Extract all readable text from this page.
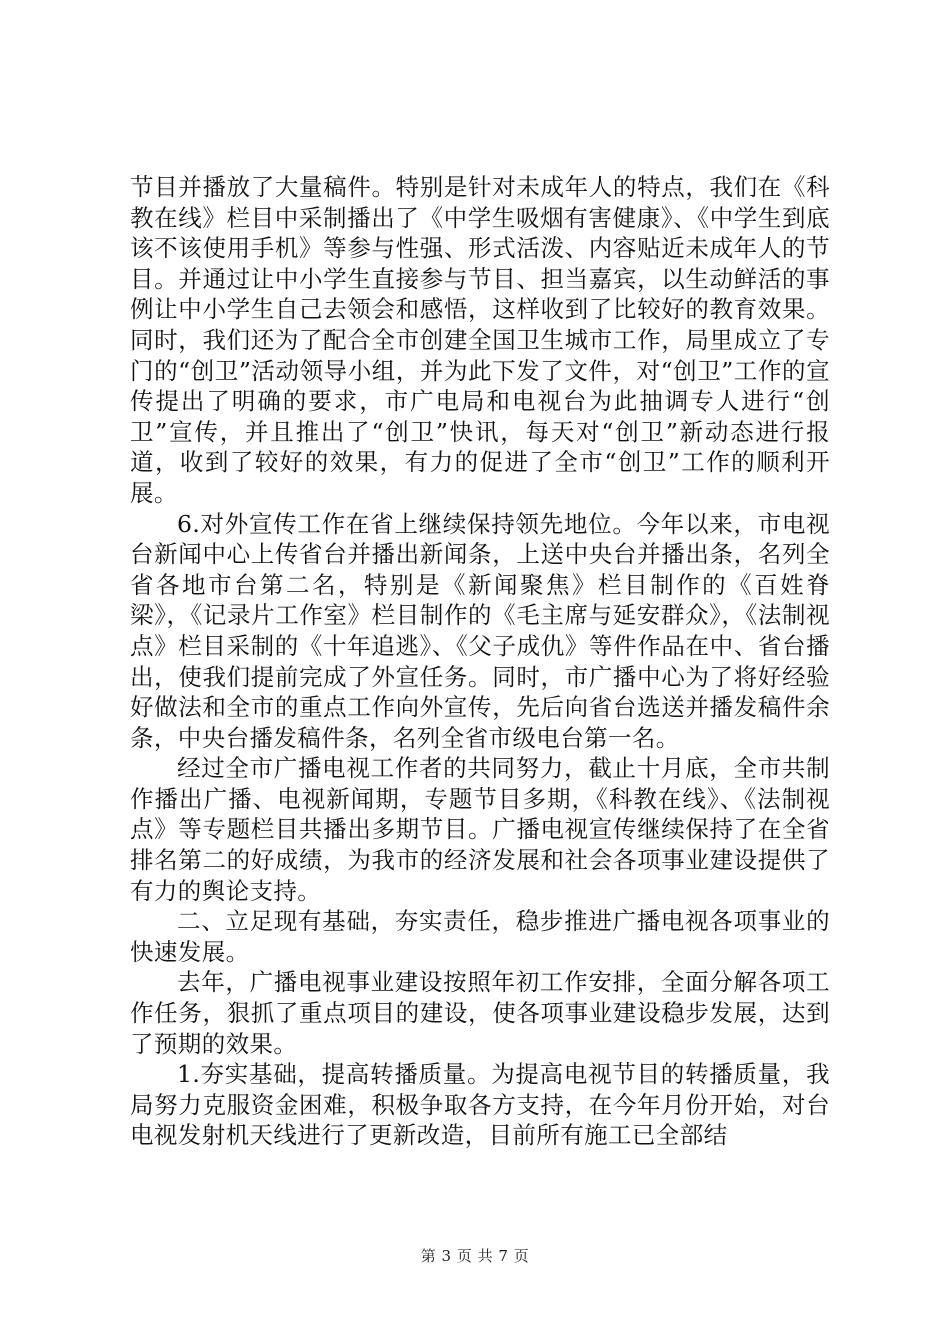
节目并播放了大量稿件。特别是针对未成年人的特点，我们在《科教在线》栏目中采制播出了《中学生吸烟有害健康》、《中学生到底该不该使用手机》等参与性强、形式活泼、内容贴近未成年人的节目。并通过让中小学生直接参与节目、担当嘉宾，以生动鲜活的事例让中小学生自己去领会和感悟，这样收到了比较好的教育效果。同时，我们还为了配合全市创建全国卫生城市工作，局里成立了专门的“创卫”活动领导小组，并为此下发了文件，对“创卫”工作的宣传提出了明确的要求，市广电局和电视台为此抽调专人进行“创卫”宣传，并且推出了“创卫”快讯，每天对“创卫”新动态进行报道，收到了较好的效果，有力的促进了全市“创卫”工作的顺利开展。

6.对外宣传工作在省上继续保持领先地位。今年以来，市电视台新闻中心上传省台并播出新闻条，上送中央台并播出条，名列全省各地市台第二名，特别是《新闻聚焦》栏目制作的《百姓脊梁》，《记录片工作室》栏目制作的《毛主席与延安群众》，《法制视点》栏目采制的《十年追逃》、《父子成仇》等件作品在中、省台播出，使我们提前完成了外宣任务。同时，市广播中心为了将好经验好做法和全市的重点工作向外宣传，先后向省台选送并播发稿件余条，中央台播发稿件条，名列全省市级电台第一名。

经过全市广播电视工作者的共同努力，截止十月底，全市共制作播出广播、电视新闻期，专题节目多期，《科教在线》、《法制视点》等专题栏目共播出多期节目。广播电视宣传继续保持了在全省排名第二的好成绩，为我市的经济发展和社会各项事业建设提供了有力的舆论支持。

二、立足现有基础，夯实责任，稳步推进广播电视各项事业的快速发展。

去年，广播电视事业建设按照年初工作安排，全面分解各项工作任务，狠抓了重点项目的建设，使各项事业建设稳步发展，达到了预期的效果。

1.夯实基础，提高转播质量。为提高电视节目的转播质量，我局努力克服资金困难，积极争取各方支持，在今年月份开始，对台电视发射机天线进行了更新改造，目前所有施工已全部结

第 3 页 共 7 页
